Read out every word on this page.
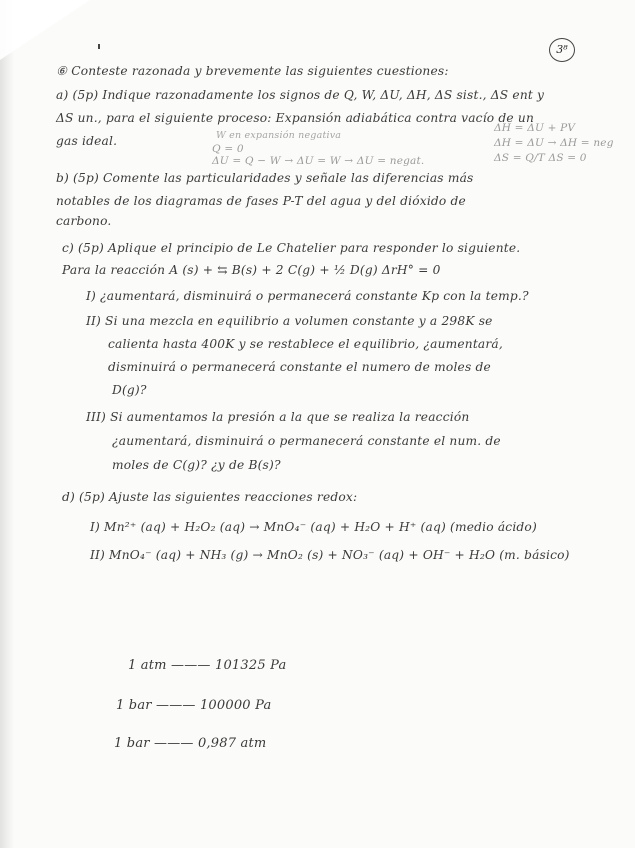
3⁸
⑥ Conteste razonada y brevemente las siguientes cuestiones:
a) (5p) Indique razonadamente los signos de Q, W, ΔU, ΔH, ΔS sist., ΔS ent y
ΔS un., para el siguiente proceso: Expansión adiabática contra vacío de un
gas ideal.	W en expansión negativa
Q = 0
ΔU = Q − W → ΔU = W → ΔU = negat.
ΔH = ΔU + PV
ΔH = ΔU → ΔH = neg
ΔS = Q/T ΔS = 0
b) (5p) Comente las particularidades y señale las diferencias más
notables de los diagramas de fases P-T del agua y del dióxido de
carbono.
c) (5p) Aplique el principio de Le Chatelier para responder lo siguiente.
Para la reacción A (s) + ⇆ B(s) + 2 C(g) + ½ D(g) ΔrH° = 0
I) ¿aumentará, disminuirá o permanecerá constante Kp con la temp.?
II) Si una mezcla en equilibrio a volumen constante y a 298K se
calienta hasta 400K y se restablece el equilibrio, ¿aumentará,
disminuirá o permanecerá constante el numero de moles de
D(g)?
III) Si aumentamos la presión a la que se realiza la reacción
¿aumentará, disminuirá o permanecerá constante el num. de
moles de C(g)? ¿y de B(s)?
d) (5p) Ajuste las siguientes reacciones redox:
I) Mn²⁺ (aq) + H₂O₂ (aq) → MnO₄⁻ (aq) + H₂O + H⁺ (aq) (medio ácido)
II) MnO₄⁻ (aq) + NH₃ (g) → MnO₂ (s) + NO₃⁻ (aq) + OH⁻ + H₂O (m. básico)
1 atm ——— 101325 Pa
1 bar ——— 100000 Pa
1 bar ——— 0,987 atm
